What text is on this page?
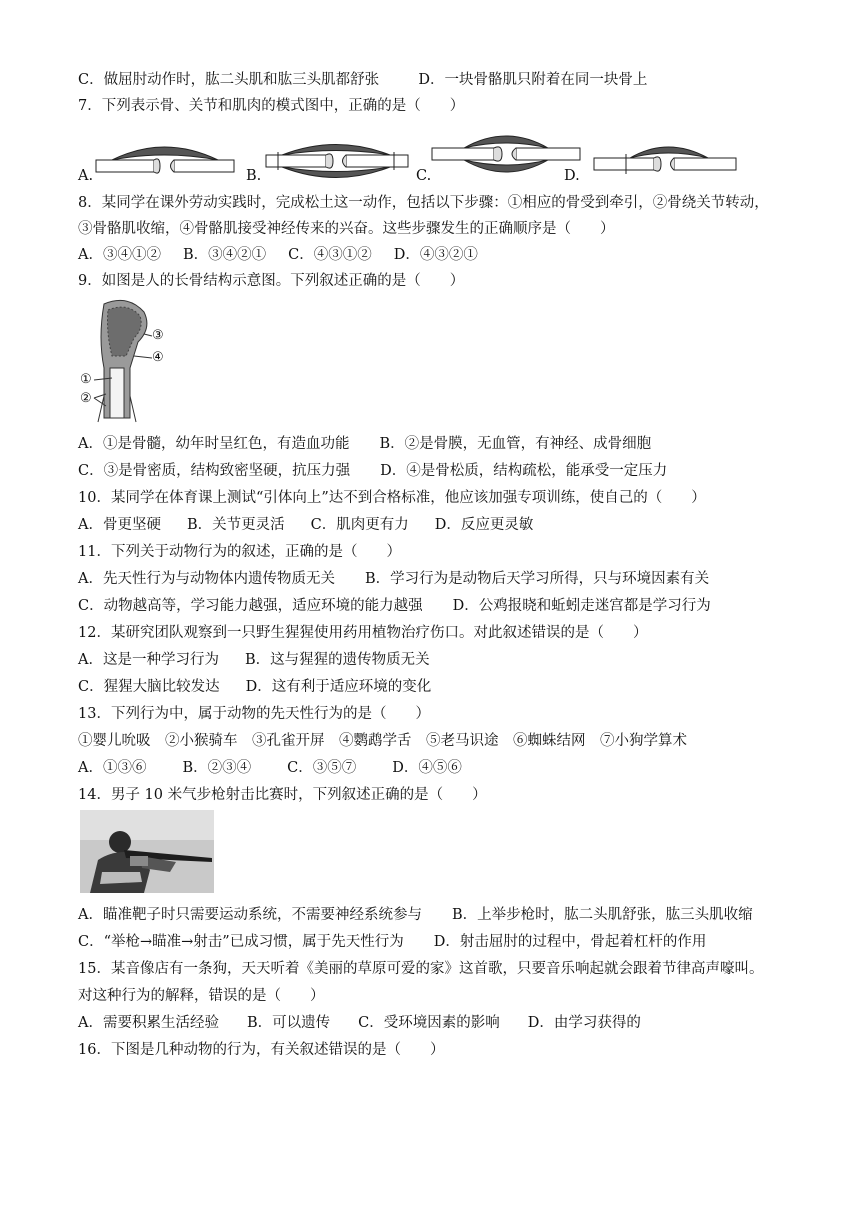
C．做屈肘动作时，肱二头肌和肱三头肌都舒张	D．一块骨骼肌只附着在同一块骨上
7．下列表示骨、关节和肌肉的模式图中，正确的是（　　）
A.	B.	C.	D.
8．某同学在课外劳动实践时，完成松土这一动作，包括以下步骤：①相应的骨受到牵引，②骨绕关节转动，
③骨骼肌收缩，④骨骼肌接受神经传来的兴奋。这些步骤发生的正确顺序是（　　）
A．③④①② B．③④②① C．④③①② D．④③②①
9．如图是人的长骨结构示意图。下列叙述正确的是（　　）
③
④
①
②
A．①是骨髓，幼年时呈红色，有造血功能 B．②是骨膜，无血管，有神经、成骨细胞
C．③是骨密质，结构致密坚硬，抗压力强 D．④是骨松质，结构疏松，能承受一定压力
10．某同学在体育课上测试“引体向上”达不到合格标准，他应该加强专项训练，使自己的（　　）
A．骨更坚硬 B．关节更灵活 C．肌肉更有力 D．反应更灵敏
11．下列关于动物行为的叙述，正确的是（　　）
A．先天性行为与动物体内遗传物质无关 B．学习行为是动物后天学习所得，只与环境因素有关
C．动物越高等，学习能力越强，适应环境的能力越强 D．公鸡报晓和蚯蚓走迷宫都是学习行为
12．某研究团队观察到一只野生猩猩使用药用植物治疗伤口。对此叙述错误的是（　　）
A．这是一种学习行为 B．这与猩猩的遗传物质无关
C．猩猩大脑比较发达 D．这有利于适应环境的变化
13．下列行为中，属于动物的先天性行为的是（　　）
①婴儿吮吸　②小猴骑车　③孔雀开屏　④鹦鹉学舌　⑤老马识途　⑥蜘蛛结网　⑦小狗学算术
A．①③⑥ B．②③④ C．③⑤⑦ D．④⑤⑥
14．男子 10 米气步枪射击比赛时，下列叙述正确的是（　　）
A．瞄准靶子时只需要运动系统，不需要神经系统参与 B．上举步枪时，肱二头肌舒张，肱三头肌收缩
C．“举枪→瞄准→射击”已成习惯，属于先天性行为 D．射击屈肘的过程中，骨起着杠杆的作用
15．某音像店有一条狗，天天听着《美丽的草原可爱的家》这首歌，只要音乐响起就会跟着节律高声嚎叫。
对这种行为的解释，错误的是（　　）
A．需要积累生活经验 B．可以遗传 C．受环境因素的影响 D．由学习获得的
16．下图是几种动物的行为，有关叙述错误的是（　　）
